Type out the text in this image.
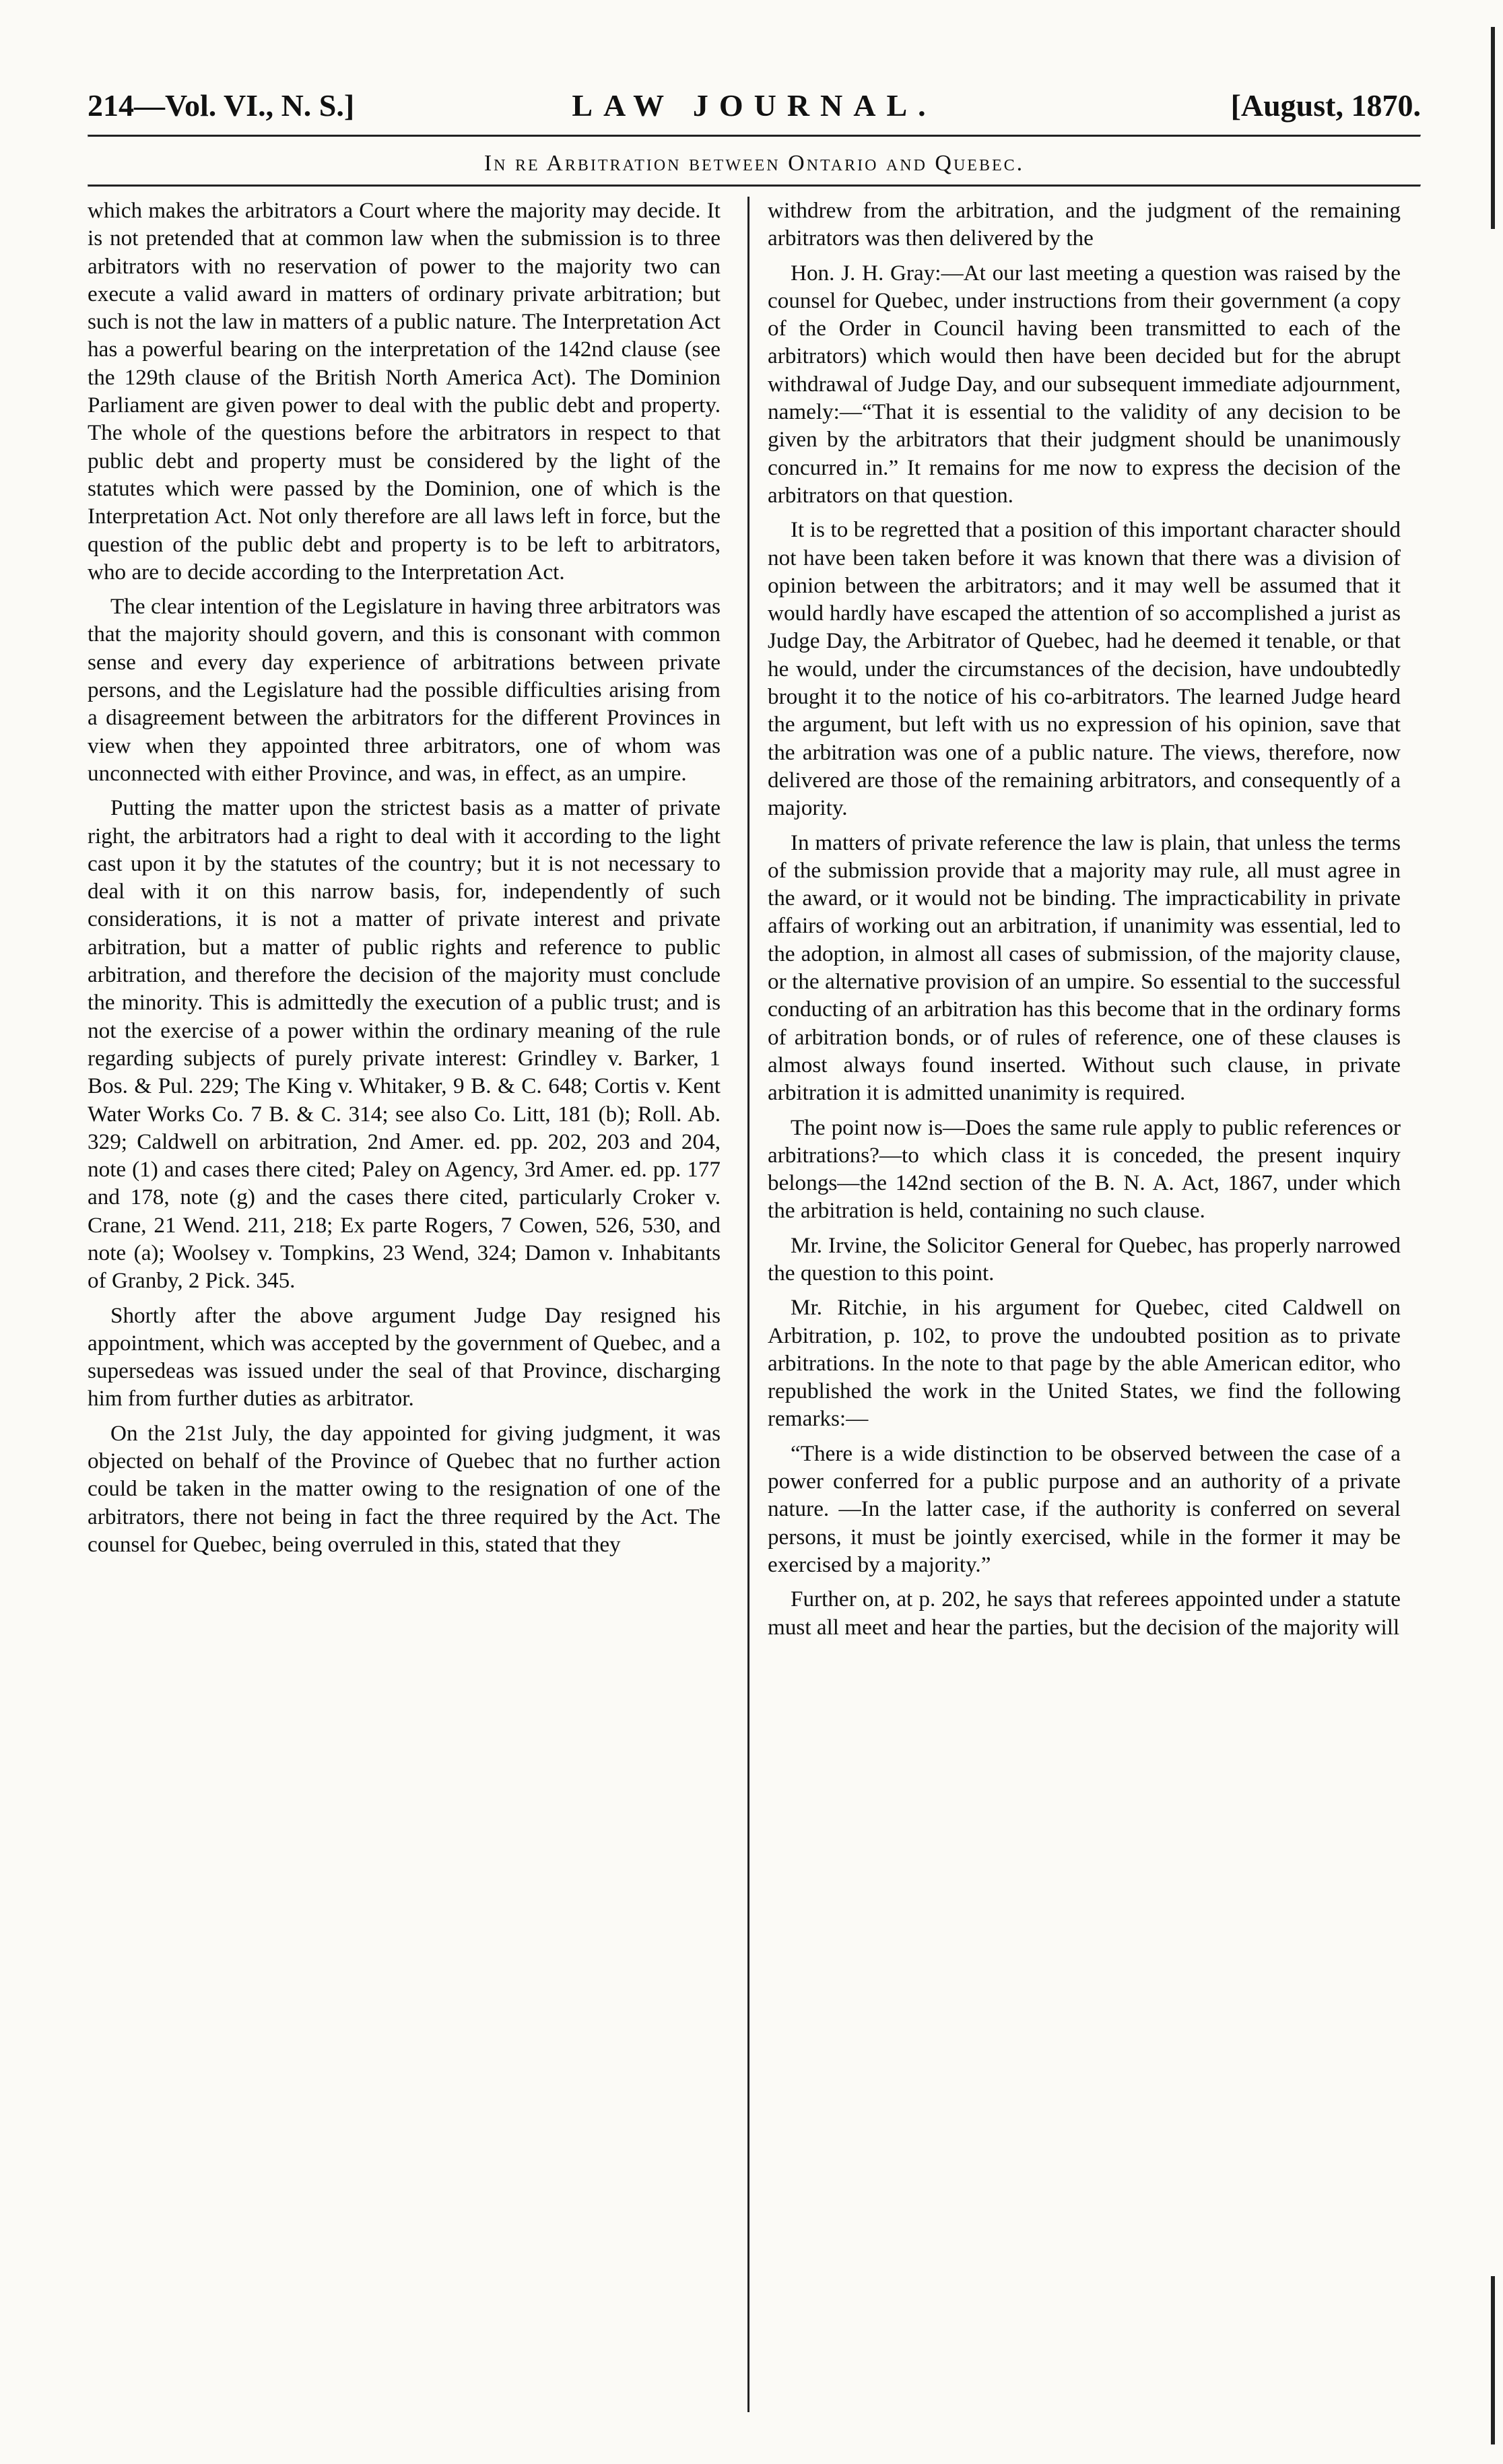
214—Vol. VI., N. S.]	LAW JOURNAL.	[August, 1870.
In re Arbitration between Ontario and Quebec.

which makes the arbitrators a Court where the majority may decide. It is not pretended that at common law when the submission is to three arbitrators with no reservation of power to the majority two can execute a valid award in matters of ordinary private arbitration; but such is not the law in matters of a public nature. The Interpretation Act has a powerful bearing on the interpretation of the 142nd clause (see the 129th clause of the British North America Act). The Dominion Parliament are given power to deal with the public debt and property. The whole of the questions before the arbitrators in respect to that public debt and property must be considered by the light of the statutes which were passed by the Dominion, one of which is the Interpretation Act. Not only therefore are all laws left in force, but the question of the public debt and property is to be left to arbitrators, who are to decide according to the Interpretation Act.

The clear intention of the Legislature in having three arbitrators was that the majority should govern, and this is consonant with common sense and every day experience of arbitrations between private persons, and the Legislature had the possible difficulties arising from a disagreement between the arbitrators for the different Provinces in view when they appointed three arbitrators, one of whom was unconnected with either Province, and was, in effect, as an umpire.

Putting the matter upon the strictest basis as a matter of private right, the arbitrators had a right to deal with it according to the light cast upon it by the statutes of the country; but it is not necessary to deal with it on this narrow basis, for, independently of such considerations, it is not a matter of private interest and private arbitration, but a matter of public rights and reference to public arbitration, and therefore the decision of the majority must conclude the minority. This is admittedly the execution of a public trust; and is not the exercise of a power within the ordinary meaning of the rule regarding subjects of purely private interest: Grindley v. Barker, 1 Bos. & Pul. 229; The King v. Whitaker, 9 B. & C. 648; Cortis v. Kent Water Works Co. 7 B. & C. 314; see also Co. Litt, 181 (b); Roll. Ab. 329; Caldwell on arbitration, 2nd Amer. ed. pp. 202, 203 and 204, note (1) and cases there cited; Paley on Agency, 3rd Amer. ed. pp. 177 and 178, note (g) and the cases there cited, particularly Croker v. Crane, 21 Wend. 211, 218; Ex parte Rogers, 7 Cowen, 526, 530, and note (a); Woolsey v. Tompkins, 23 Wend, 324; Damon v. Inhabitants of Granby, 2 Pick. 345.

Shortly after the above argument Judge Day resigned his appointment, which was accepted by the government of Quebec, and a supersedeas was issued under the seal of that Province, discharging him from further duties as arbitrator.

On the 21st July, the day appointed for giving judgment, it was objected on behalf of the Province of Quebec that no further action could be taken in the matter owing to the resignation of one of the arbitrators, there not being in fact the three required by the Act. The counsel for Quebec, being overruled in this, stated that they

withdrew from the arbitration, and the judgment of the remaining arbitrators was then delivered by the

Hon. J. H. Gray:—At our last meeting a question was raised by the counsel for Quebec, under instructions from their government (a copy of the Order in Council having been transmitted to each of the arbitrators) which would then have been decided but for the abrupt withdrawal of Judge Day, and our subsequent immediate adjournment, namely:—“That it is essential to the validity of any decision to be given by the arbitrators that their judgment should be unanimously concurred in.” It remains for me now to express the decision of the arbitrators on that question.

It is to be regretted that a position of this important character should not have been taken before it was known that there was a division of opinion between the arbitrators; and it may well be assumed that it would hardly have escaped the attention of so accomplished a jurist as Judge Day, the Arbitrator of Quebec, had he deemed it tenable, or that he would, under the circumstances of the decision, have undoubtedly brought it to the notice of his co-arbitrators. The learned Judge heard the argument, but left with us no expression of his opinion, save that the arbitration was one of a public nature. The views, therefore, now delivered are those of the remaining arbitrators, and consequently of a majority.

In matters of private reference the law is plain, that unless the terms of the submission provide that a majority may rule, all must agree in the award, or it would not be binding. The impracticability in private affairs of working out an arbitration, if unanimity was essential, led to the adoption, in almost all cases of submission, of the majority clause, or the alternative provision of an umpire. So essential to the successful conducting of an arbitration has this become that in the ordinary forms of arbitration bonds, or of rules of reference, one of these clauses is almost always found inserted. Without such clause, in private arbitration it is admitted unanimity is required.

The point now is—Does the same rule apply to public references or arbitrations?—to which class it is conceded, the present inquiry belongs—the 142nd section of the B. N. A. Act, 1867, under which the arbitration is held, containing no such clause.

Mr. Irvine, the Solicitor General for Quebec, has properly narrowed the question to this point.

Mr. Ritchie, in his argument for Quebec, cited Caldwell on Arbitration, p. 102, to prove the undoubted position as to private arbitrations. In the note to that page by the able American editor, who republished the work in the United States, we find the following remarks:—

“There is a wide distinction to be observed between the case of a power conferred for a public purpose and an authority of a private nature. —In the latter case, if the authority is conferred on several persons, it must be jointly exercised, while in the former it may be exercised by a majority.”

Further on, at p. 202, he says that referees appointed under a statute must all meet and hear the parties, but the decision of the majority will
